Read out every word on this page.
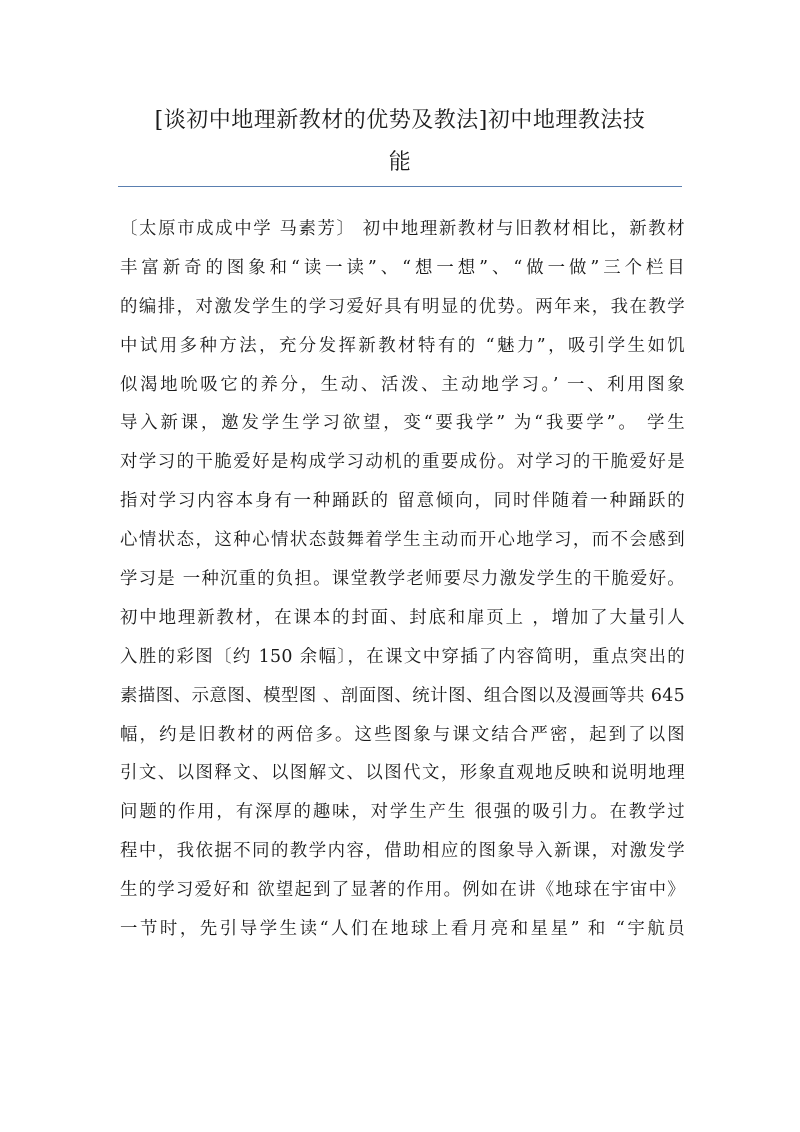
[谈初中地理新教材的优势及教法]初中地理教法技
能
〔太原市成成中学 马素芳〕 初中地理新教材与旧教材相比，新教材
丰富新奇的图象和“读一读”、“想一想”、“做一做”三个栏目
的编排，对激发学生的学习爱好具有明显的优势。两年来，我在教学
中试用多种方法，充分发挥新教材特有的 “魅力”，吸引学生如饥
似渴地吮吸它的养分，生动、活泼、主动地学习。’ 一、利用图象
导入新课，邀发学生学习欲望，变“要我学” 为“我要学”。 学生
对学习的干脆爱好是构成学习动机的重要成份。对学习的干脆爱好是
指对学习内容本身有一种踊跃的 留意倾向，同时伴随着一种踊跃的
心情状态，这种心情状态鼓舞着学生主动而开心地学习，而不会感到
学习是 一种沉重的负担。课堂教学老师要尽力激发学生的干脆爱好。
初中地理新教材，在课本的封面、封底和扉页上 ，增加了大量引人
入胜的彩图〔约 150 余幅〕，在课文中穿插了内容简明，重点突出的
素描图、示意图、模型图 、剖面图、统计图、组合图以及漫画等共 645
幅，约是旧教材的两倍多。这些图象与课文结合严密，起到了以图
引文、以图释文、以图解文、以图代文，形象直观地反映和说明地理
问题的作用，有深厚的趣味，对学生产生 很强的吸引力。在教学过
程中，我依据不同的教学内容，借助相应的图象导入新课，对激发学
生的学习爱好和 欲望起到了显著的作用。例如在讲《地球在宇宙中》
一节时，先引导学生读“人们在地球上看月亮和星星” 和 “宇航员
